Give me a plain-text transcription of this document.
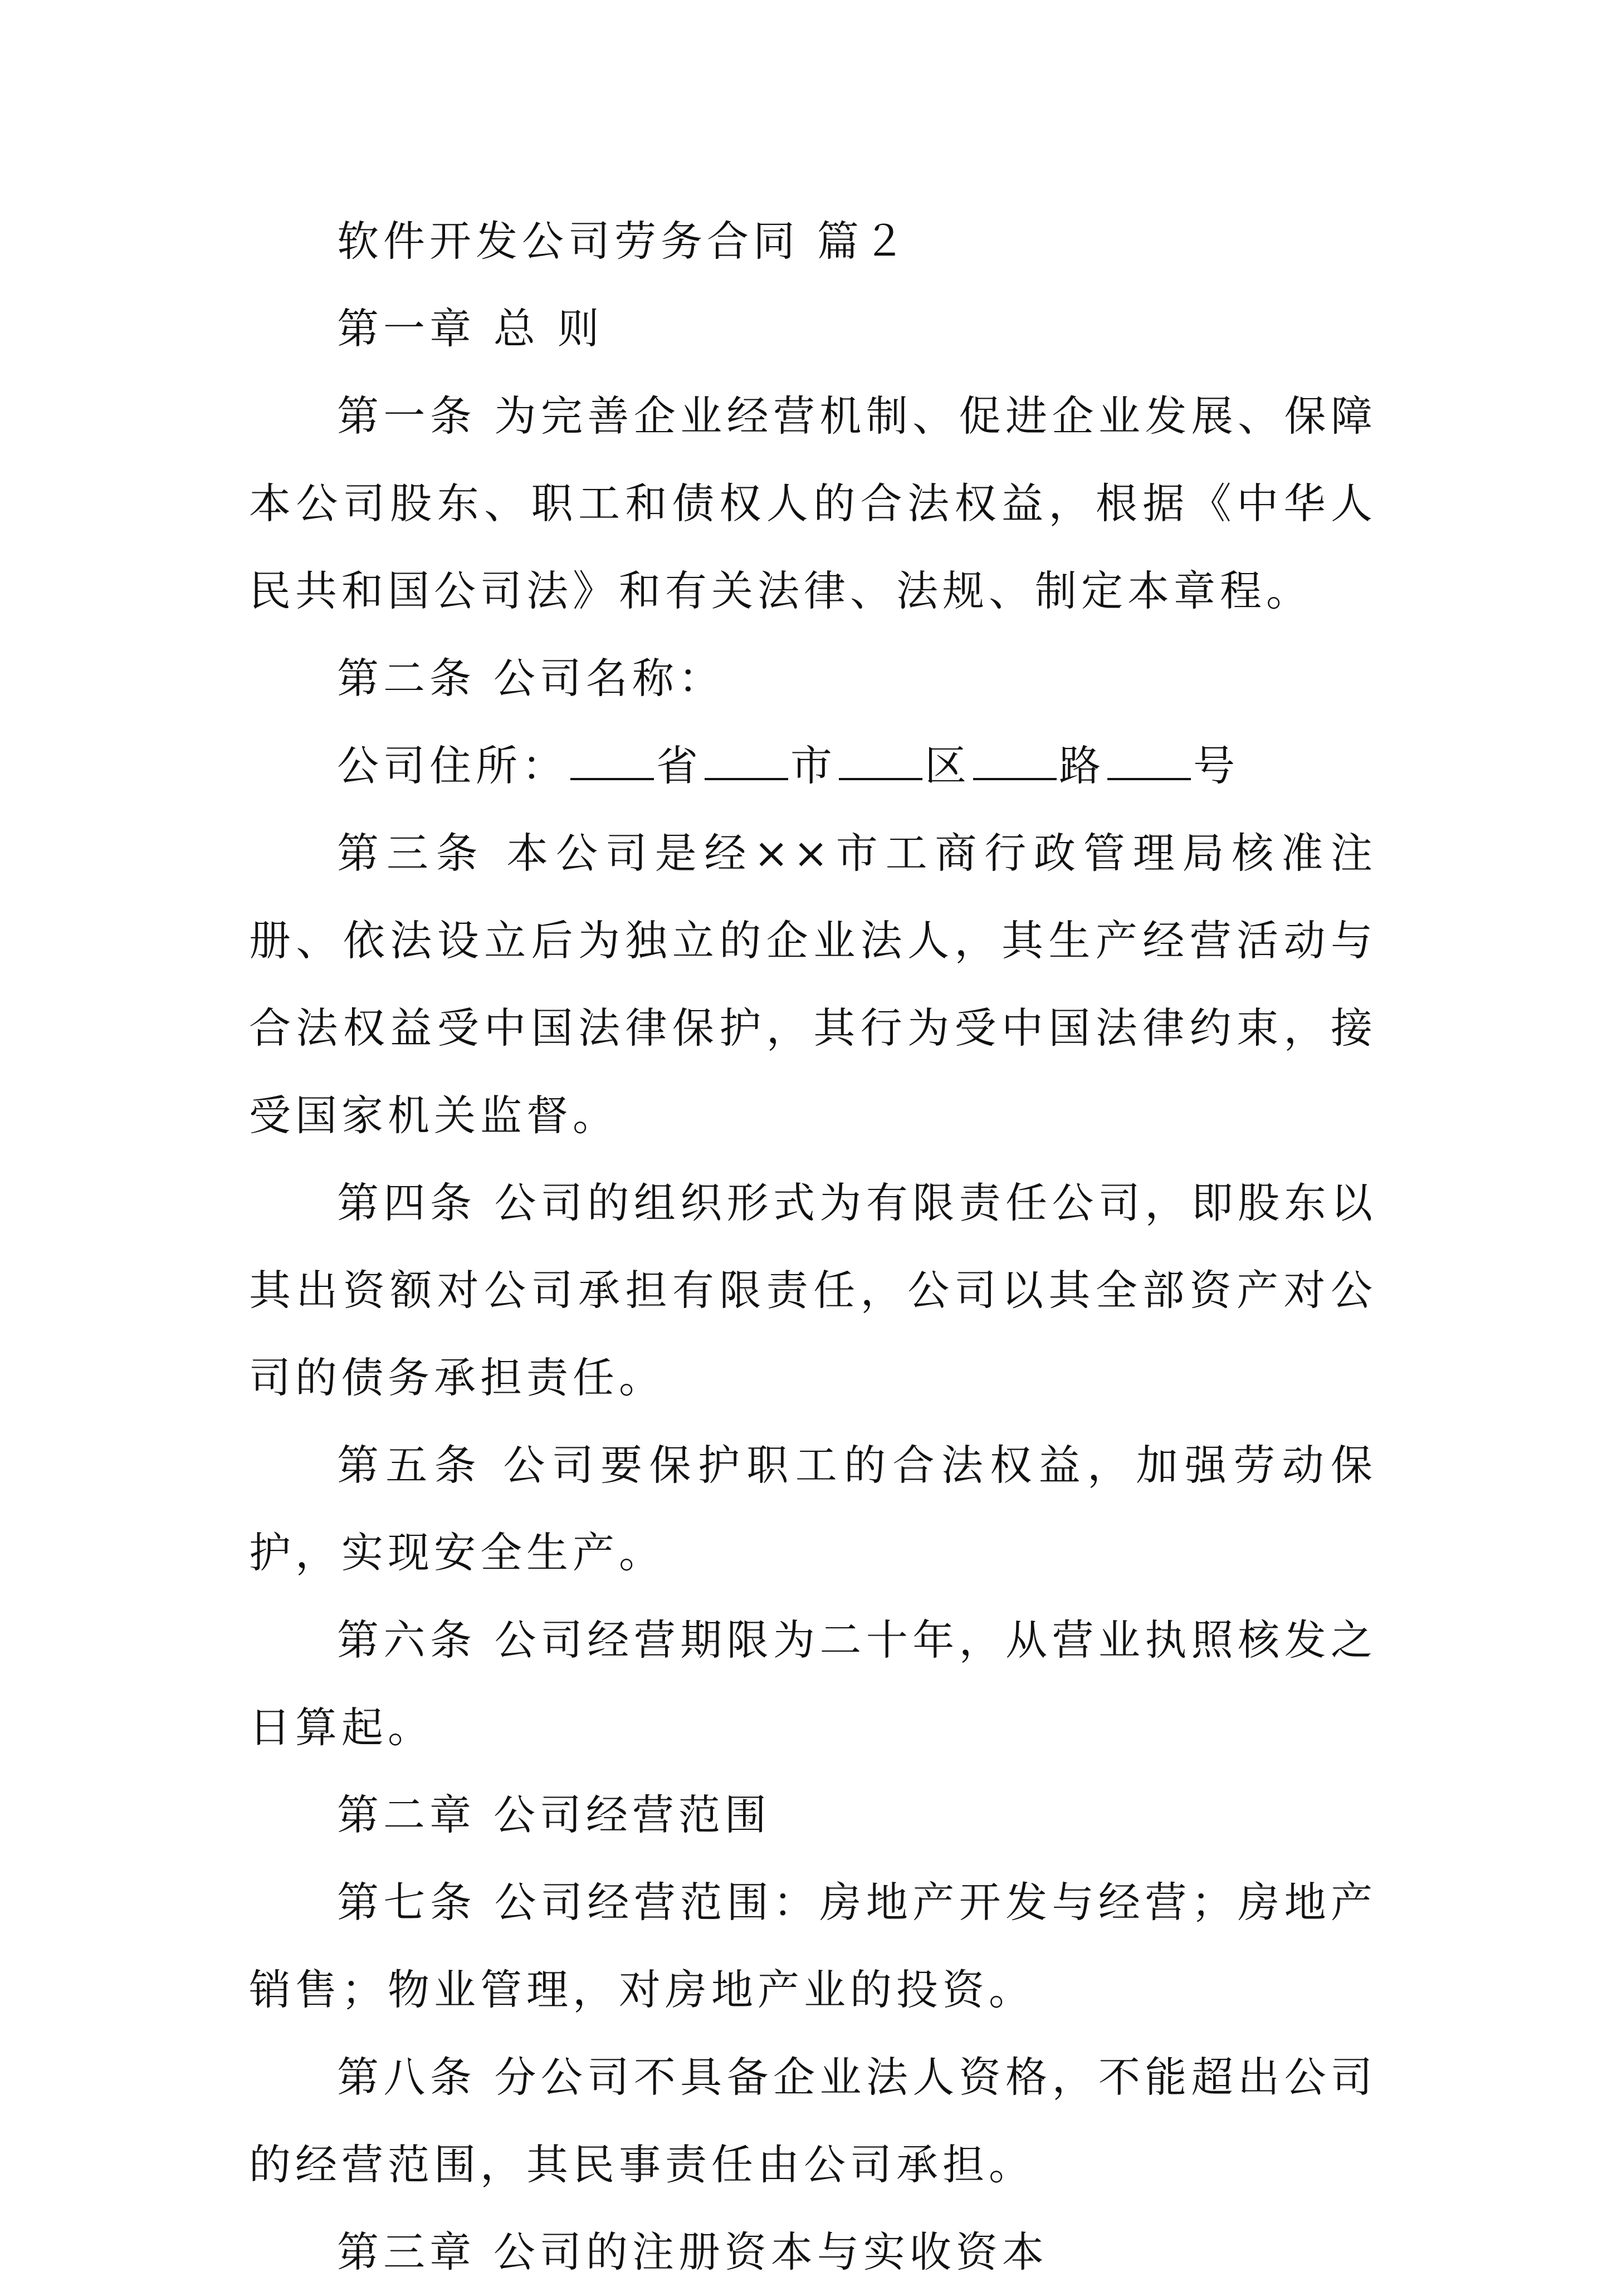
软件开发公司劳务合同 篇２

第一章 总 则

第一条 为完善企业经营机制、促进企业发展、保障本公司股东、职工和债权人的合法权益，根据《中华人民共和国公司法》和有关法律、法规、制定本章程。

第二条 公司名称：

公司住所： 省 市 区 路 号

第三条 本公司是经××市工商行政管理局核准注册、依法设立后为独立的企业法人，其生产经营活动与合法权益受中国法律保护，其行为受中国法律约束，接受国家机关监督。

第四条 公司的组织形式为有限责任公司，即股东以其出资额对公司承担有限责任，公司以其全部资产对公司的债务承担责任。

第五条 公司要保护职工的合法权益，加强劳动保护，实现安全生产。

第六条 公司经营期限为二十年，从营业执照核发之日算起。

第二章 公司经营范围

第七条 公司经营范围：房地产开发与经营；房地产销售；物业管理，对房地产业的投资。

第八条 分公司不具备企业法人资格，不能超出公司的经营范围，其民事责任由公司承担。

第三章 公司的注册资本与实收资本
